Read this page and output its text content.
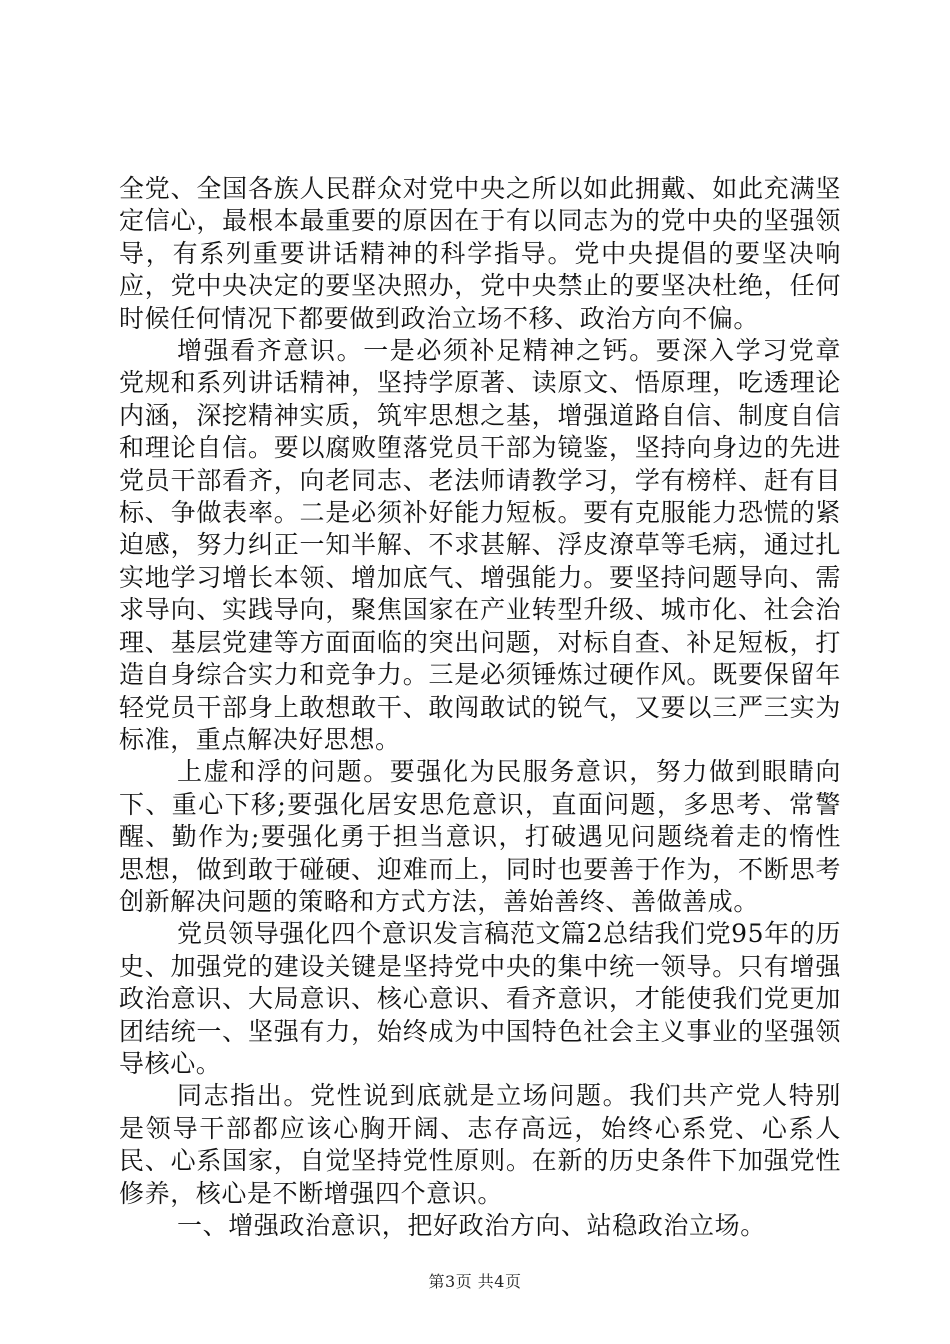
全党、全国各族人民群众对党中央之所以如此拥戴、如此充满坚定信心，最根本最重要的原因在于有以同志为的党中央的坚强领导，有系列重要讲话精神的科学指导。党中央提倡的要坚决响应，党中央决定的要坚决照办，党中央禁止的要坚决杜绝，任何时候任何情况下都要做到政治立场不移、政治方向不偏。

增强看齐意识。一是必须补足精神之钙。要深入学习党章党规和系列讲话精神，坚持学原著、读原文、悟原理，吃透理论内涵，深挖精神实质，筑牢思想之基，增强道路自信、制度自信和理论自信。要以腐败堕落党员干部为镜鉴，坚持向身边的先进党员干部看齐，向老同志、老法师请教学习，学有榜样、赶有目标、争做表率。二是必须补好能力短板。要有克服能力恐慌的紧迫感，努力纠正一知半解、不求甚解、浮皮潦草等毛病，通过扎实地学习增长本领、增加底气、增强能力。要坚持问题导向、需求导向、实践导向，聚焦国家在产业转型升级、城市化、社会治理、基层党建等方面面临的突出问题，对标自查、补足短板，打造自身综合实力和竞争力。三是必须锤炼过硬作风。既要保留年轻党员干部身上敢想敢干、敢闯敢试的锐气，又要以三严三实为标准，重点解决好思想。

上虚和浮的问题。要强化为民服务意识，努力做到眼睛向下、重心下移;要强化居安思危意识，直面问题，多思考、常警醒、勤作为;要强化勇于担当意识，打破遇见问题绕着走的惰性思想，做到敢于碰硬、迎难而上，同时也要善于作为，不断思考创新解决问题的策略和方式方法，善始善终、善做善成。

党员领导强化四个意识发言稿范文篇2总结我们党95年的历史、加强党的建设关键是坚持党中央的集中统一领导。只有增强政治意识、大局意识、核心意识、看齐意识，才能使我们党更加团结统一、坚强有力，始终成为中国特色社会主义事业的坚强领导核心。

同志指出。党性说到底就是立场问题。我们共产党人特别是领导干部都应该心胸开阔、志存高远，始终心系党、心系人民、心系国家，自觉坚持党性原则。在新的历史条件下加强党性修养，核心是不断增强四个意识。

一、增强政治意识，把好政治方向、站稳政治立场。

第3页 共4页
